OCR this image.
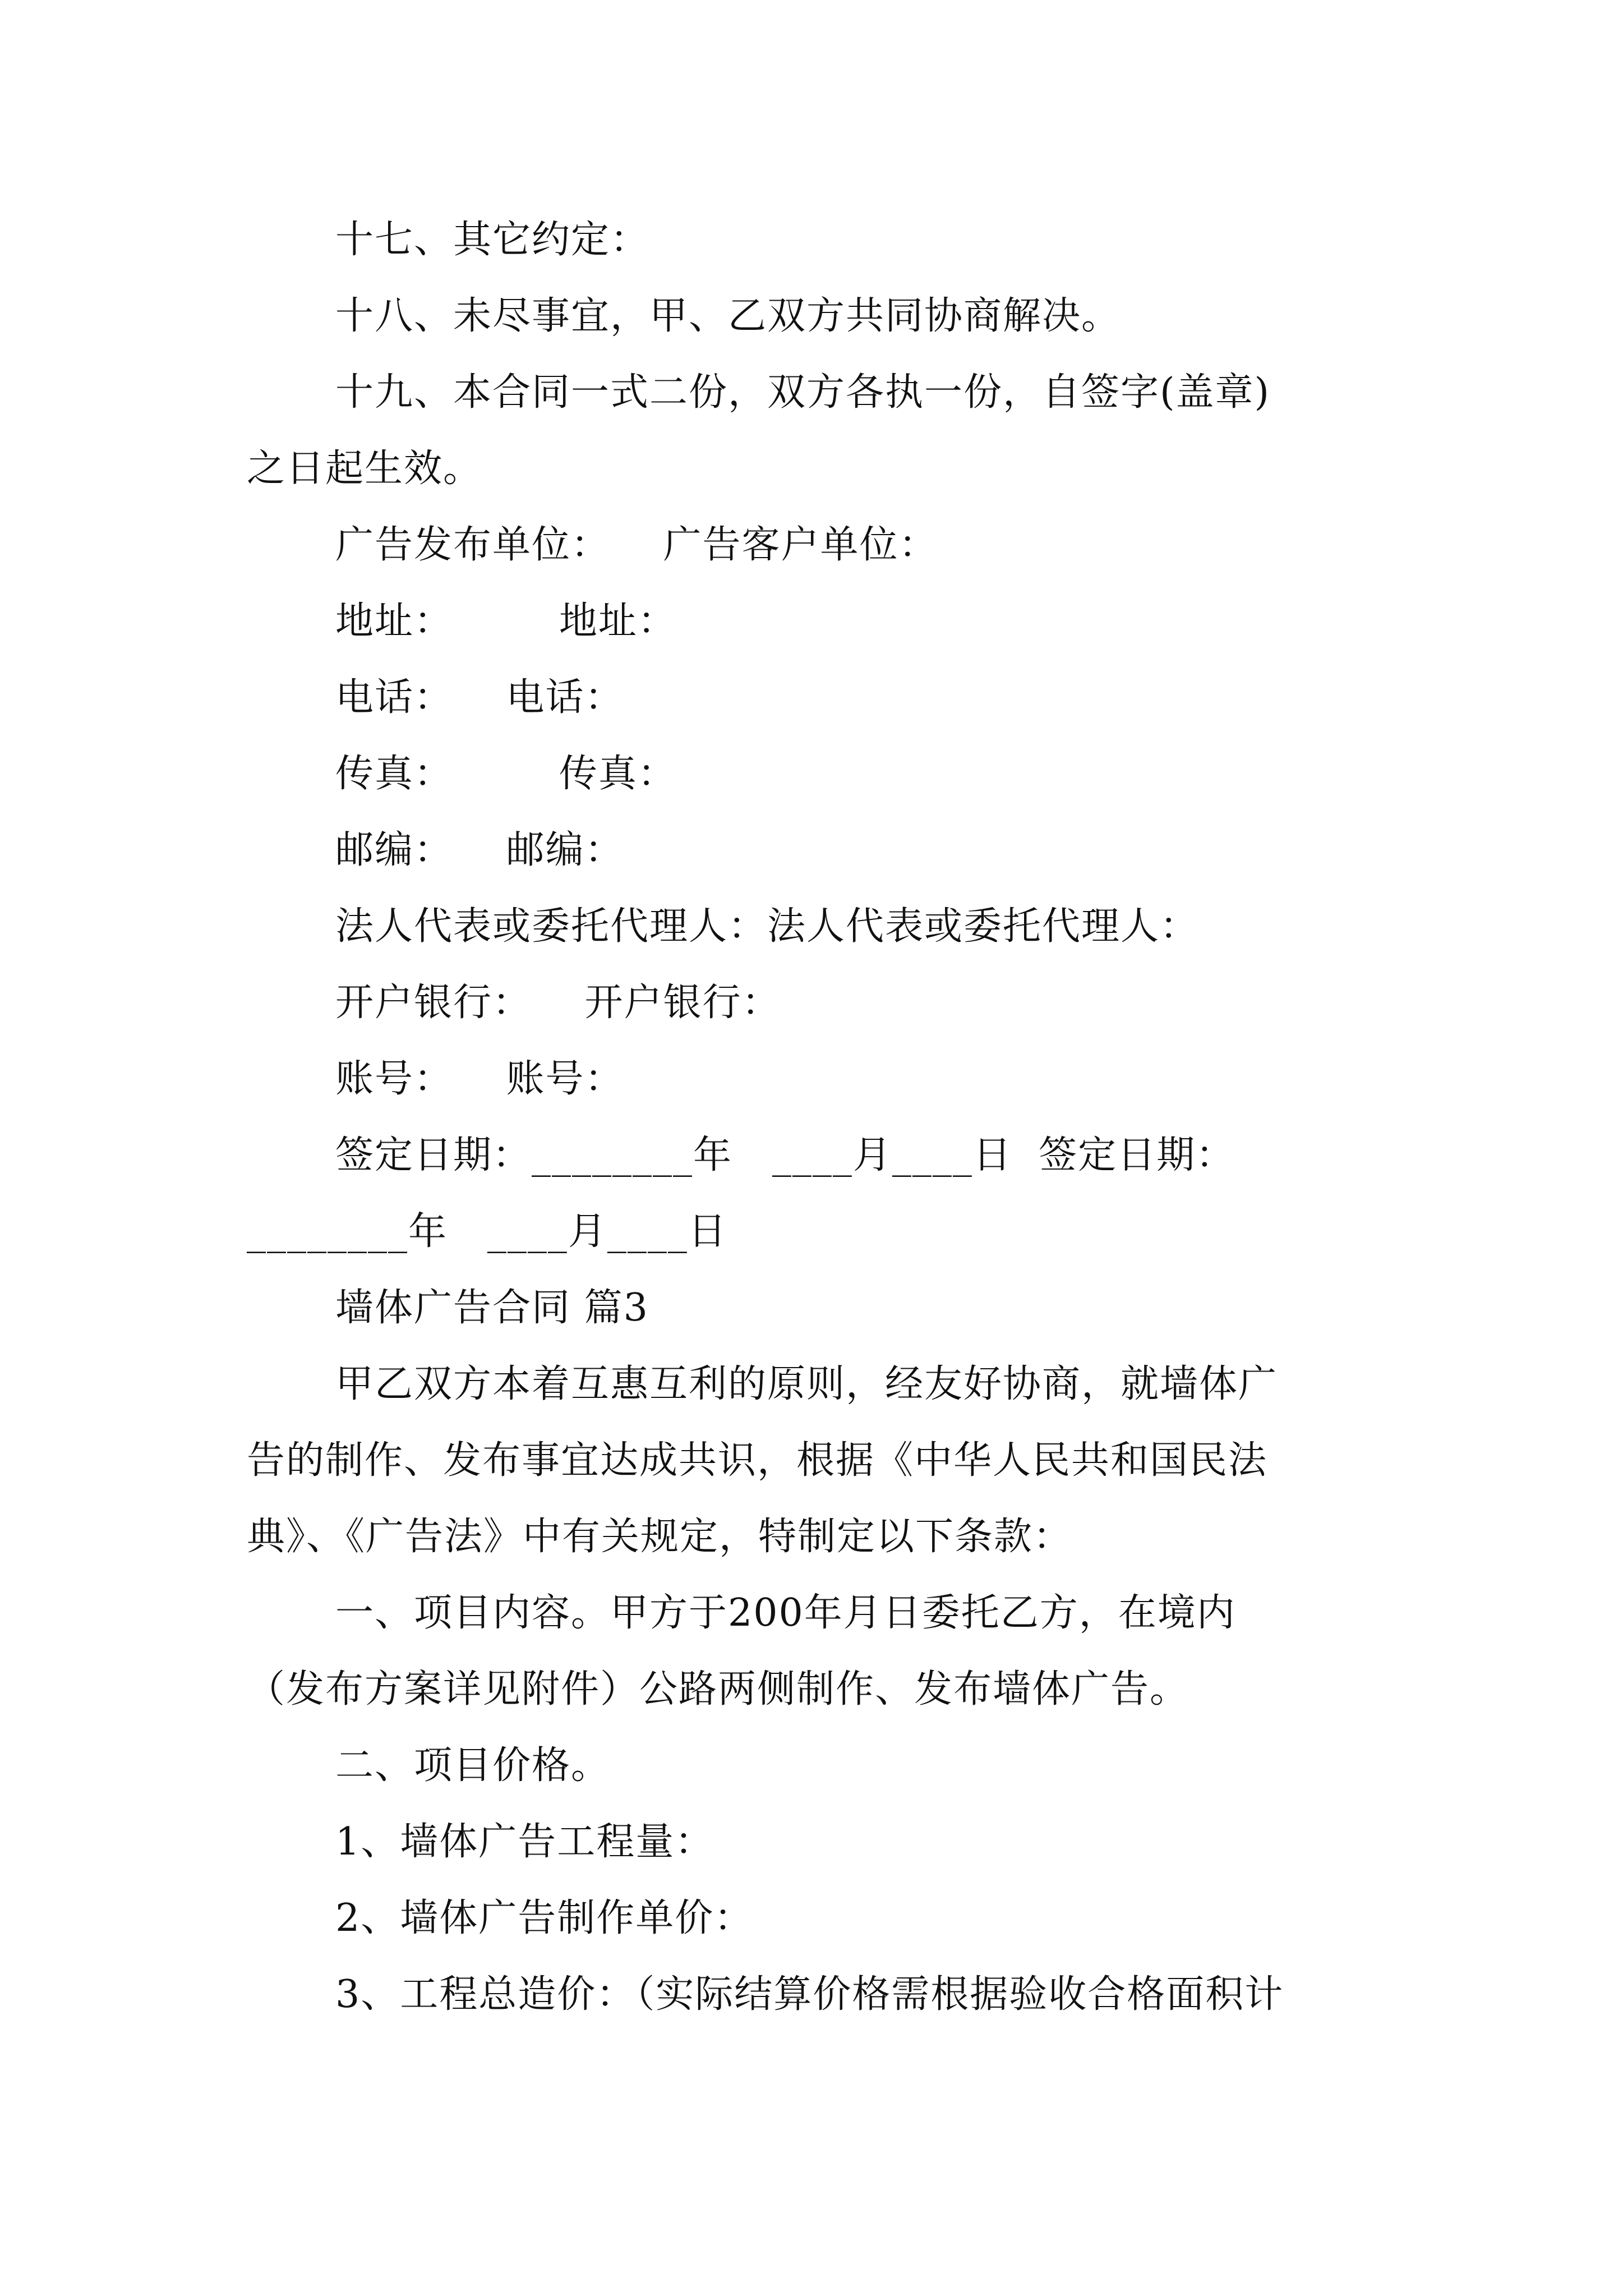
十七、其它约定：
十八、未尽事宜，甲、乙双方共同协商解决。
十九、本合同一式二份，双方各执一份，自签字(盖章)
之日起生效。
广告发布单位：    广告客户单位：
地址：        地址：
电话：    电话：
传真：        传真：
邮编：    邮编：
法人代表或委托代理人：法人代表或委托代理人：
开户银行：    开户银行：
账号：    账号：
签定日期：________年   ____月____日  签定日期：
________年   ____月____日
墙体广告合同 篇3
甲乙双方本着互惠互利的原则，经友好协商，就墙体广
告的制作、发布事宜达成共识，根据《中华人民共和国民法
典》、《广告法》中有关规定，特制定以下条款：
一、项目内容。甲方于200年月日委托乙方，在境内
（发布方案详见附件）公路两侧制作、发布墙体广告。
二、项目价格。
1、墙体广告工程量：
2、墙体广告制作单价：
3、工程总造价：（实际结算价格需根据验收合格面积计
